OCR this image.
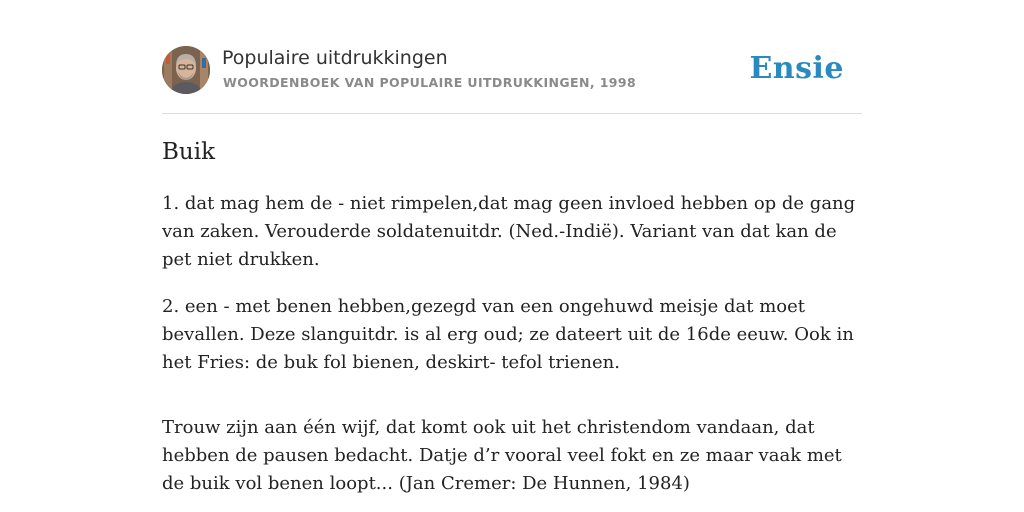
Populaire uitdrukkingen
WOORDENBOEK VAN POPULAIRE UITDRUKKINGEN, 1998	Ensie
Buik

1. dat mag hem de - niet rimpelen,dat mag geen invloed hebben op de gang van zaken. Verouderde soldatenuitdr. (Ned.-Indië). Variant van dat kan de pet niet drukken.

2. een - met benen hebben,gezegd van een ongehuwd meisje dat moet bevallen. Deze slanguitdr. is al erg oud; ze dateert uit de 16de eeuw. Ook in het Fries: de buk fol bienen, deskirt- tefol trienen.

Trouw zijn aan één wijf, dat komt ook uit het christendom vandaan, dat hebben de pausen bedacht. Datje d’r vooral veel fokt en ze maar vaak met de buik vol benen loopt... (Jan Cremer: De Hunnen, 1984)
